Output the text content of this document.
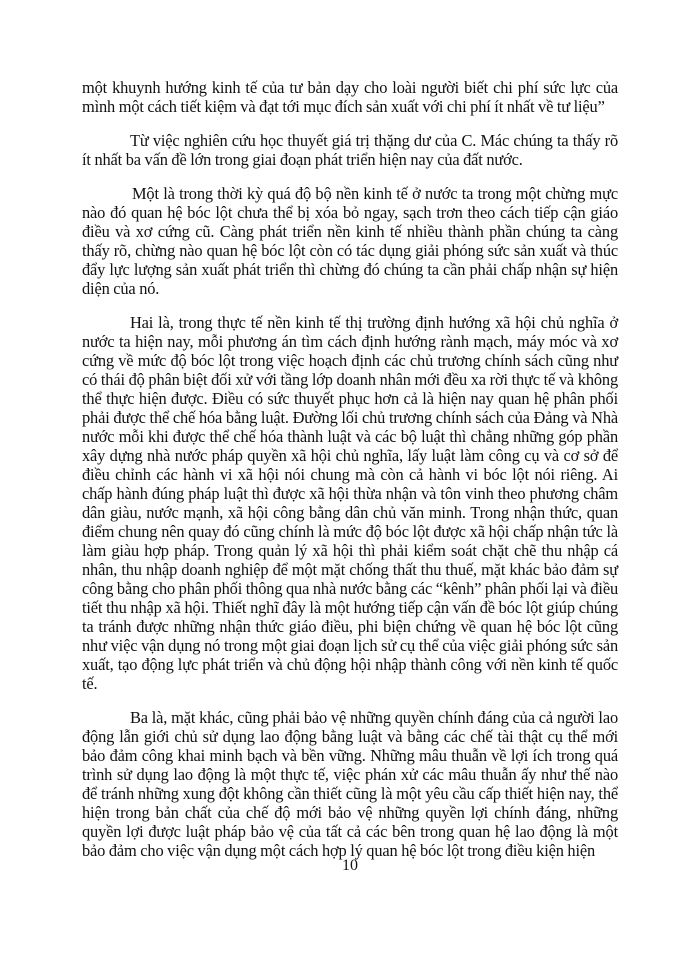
một khuynh hướng kinh tế của tư bản dạy cho loài người biết chi phí sức lực của mình một cách tiết kiệm và đạt tới mục đích sản xuất với chi phí ít nhất về tư liệu”

Từ việc nghiên cứu học thuyết giá trị thặng dư của C. Mác chúng ta thấy rõ ít nhất ba vấn đề lớn trong giai đoạn phát triển hiện nay của đất nước.

Một là trong thời kỳ quá độ bộ nền kinh tế ở nước ta trong một chừng mực nào đó quan hệ bóc lột chưa thể bị xóa bỏ ngay, sạch trơn theo cách tiếp cận giáo điều và xơ cứng cũ. Càng phát triển nền kinh tế nhiều thành phần chúng ta càng thấy rõ, chừng nào quan hệ bóc lột còn có tác dụng giải phóng sức sản xuất và thúc đẩy lực lượng sản xuất phát triển thì chừng đó chúng ta cần phải chấp nhận sự hiện diện của nó.

Hai là, trong thực tế nền kinh tế thị trường định hướng xã hội chủ nghĩa ở nước ta hiện nay, mỗi phương án tìm cách định hướng rành mạch, máy móc và xơ cứng về mức độ bóc lột trong việc hoạch định các chủ trương chính sách cũng như có thái độ phân biệt đối xử với tầng lớp doanh nhân mới đều xa rời thực tế và không thể thực hiện được. Điều có sức thuyết phục hơn cả là hiện nay quan hệ phân phối phải được thể chế hóa bằng luật. Đường lối chủ trương chính sách của Đảng và Nhà nước mỗi khi được thể chế hóa thành luật và các bộ luật thì chẳng những góp phần xây dựng nhà nước pháp quyền xã hội chủ nghĩa, lấy luật làm công cụ và cơ sở để điều chỉnh các hành vi xã hội nói chung mà còn cả hành vi bóc lột nói riêng. Ai chấp hành đúng pháp luật thì được xã hội thừa nhận và tôn vinh theo phương châm dân giàu, nước mạnh, xã hội công bằng dân chủ văn minh. Trong nhận thức, quan điểm chung nên quay đó cũng chính là mức độ bóc lột được xã hội chấp nhận tức là làm giàu hợp pháp. Trong quản lý xã hội thì phải kiểm soát chặt chẽ thu nhập cá nhân, thu nhập doanh nghiệp để một mặt chống thất thu thuế, mặt khác bảo đảm sự công bằng cho phân phối thông qua nhà nước bằng các “kênh” phân phối lại và điều tiết thu nhập xã hội. Thiết nghĩ đây là một hướng tiếp cận vấn đề bóc lột giúp chúng ta tránh được những nhận thức giáo điều, phi biện chứng về quan hệ bóc lột cũng như việc vận dụng nó trong một giai đoạn lịch sử cụ thể của việc giải phóng sức sản xuất, tạo động lực phát triển và chủ động hội nhập thành công với nền kinh tế quốc tế.

Ba là, mặt khác, cũng phải bảo vệ những quyền chính đáng của cả người lao động lẫn giới chủ sử dụng lao động bằng luật và bằng các chế tài thật cụ thể mới bảo đảm công khai minh bạch và bền vững. Những mâu thuẫn về lợi ích trong quá trình sử dụng lao động là một thực tế, việc phán xử các mâu thuẫn ấy như thế nào để tránh những xung đột không cần thiết cũng là một yêu cầu cấp thiết hiện nay, thể hiện trong bản chất của chế độ mới bảo vệ những quyền lợi chính đáng, những quyền lợi được luật pháp bảo vệ của tất cả các bên trong quan hệ lao động là một bảo đảm cho việc vận dụng một cách hợp lý quan hệ bóc lột trong điều kiện hiện

10
